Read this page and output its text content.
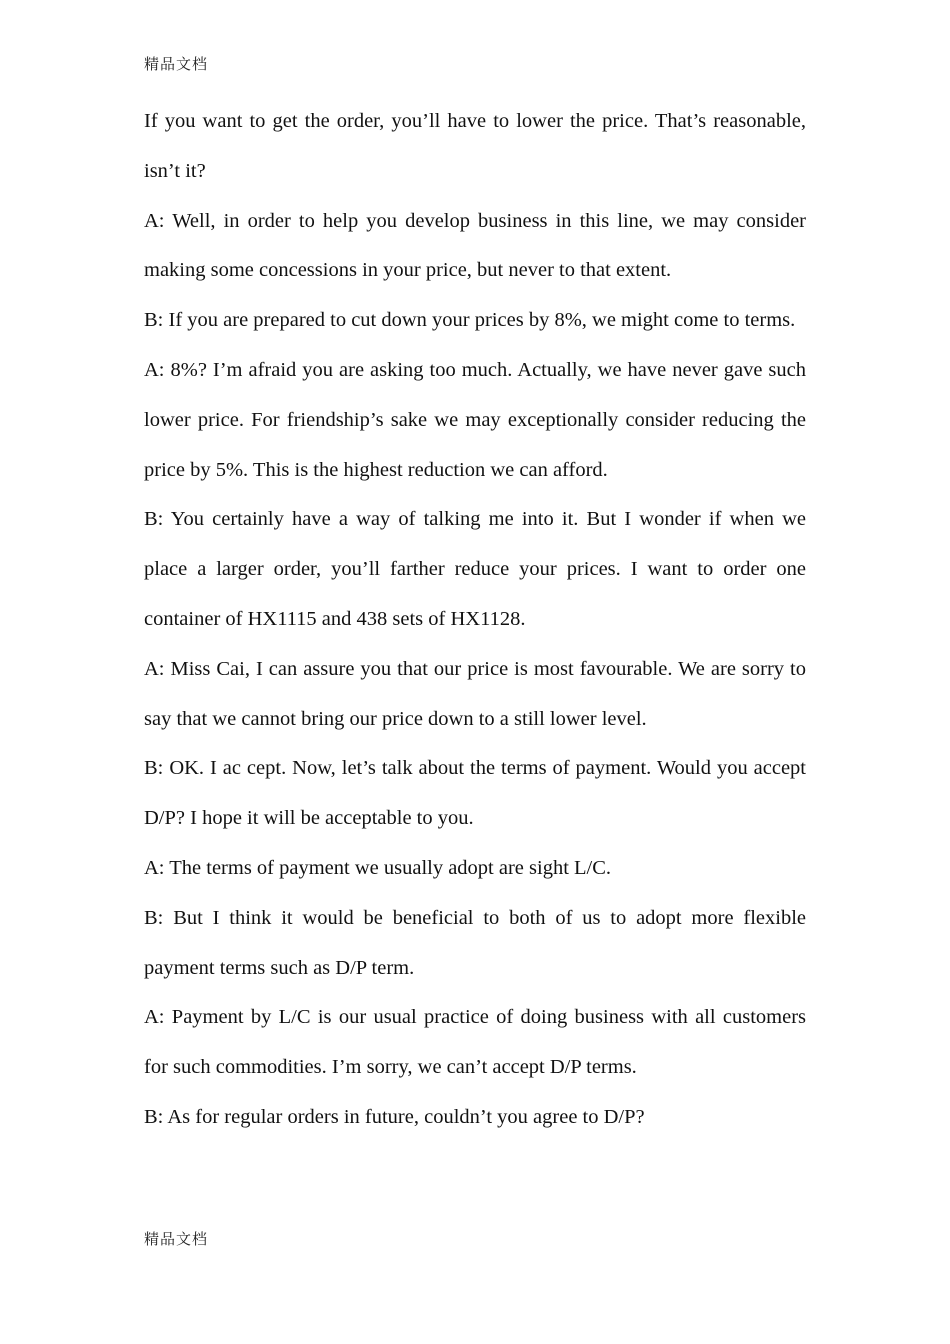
精品文档

If you want to get the order, you’ll have to lower the price. That’s reasonable, isn’t it?

A: Well, in order to help you develop business in this line, we may consider making some concessions in your price, but never to that extent.

B: If you are prepared to cut down your prices by 8%, we might come to terms.

A: 8%? I’m afraid you are asking too much. Actually, we have never gave such lower price. For friendship’s sake we may exceptionally consider reducing the price by 5%. This is the highest reduction we can afford.

B: You certainly have a way of talking me into it. But I wonder if when we place a larger order, you’ll farther reduce your prices. I want to order one container of HX1115 and 438 sets of HX1128.

A: Miss Cai, I can assure you that our price is most favourable. We are sorry to say that we cannot bring our price down to a still lower level.

B: OK. I ac cept. Now, let’s talk about the terms of payment. Would you accept D/P? I hope it will be acceptable to you.

A: The terms of payment we usually adopt are sight L/C.

B: But I think it would be beneficial to both of us to adopt more flexible payment terms such as D/P term.

A: Payment by L/C is our usual practice of doing business with all customers for such commodities. I’m sorry, we can’t accept D/P terms.

B: As for regular orders in future, couldn’t you agree to D/P?

精品文档
